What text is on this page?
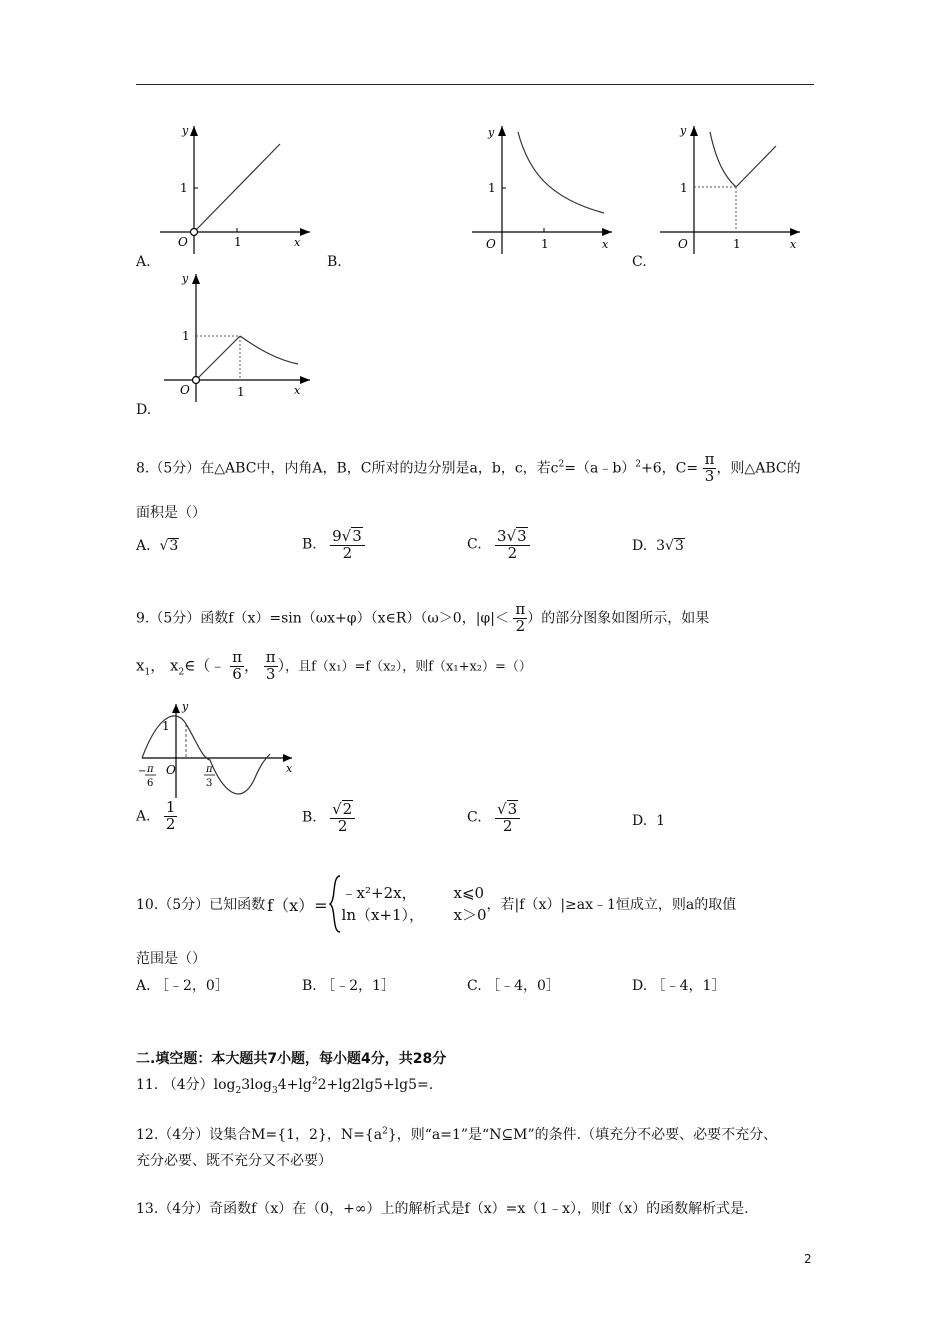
y
x
O	1
1
A.
y
x
O	1
1
B.
y
x
O	1
1
C.
y
x
O	1
1
D.
8.（5分）在△ABC中，内角A，B，C所对的边分别是a，b，c，若$c^2=(a﹣b)^2+6$，$C= \frac{\pi}{3}$ ，则△ABC的
面积是（）
A.  √3	B. $\frac{9√3}{2}$	C. $\frac{3√3}{2}$	D. 3√3
9.（5分）函数f（x）=sin（ωx+φ）（x∈R）（ω＞0，$|\varphi|< \frac{\pi}{2}$ ）的部分图象如图所示，如果
$x_1$， $x_2\in(﹣ \frac{\pi}{6}$ ， $\frac{\pi}{3}$ ），且f（x₁）=f（x₂），则f（x₁+x₂）=（）
1
y
x
O
− π
6
π
3
A. $\frac{1}{2}$	B. $\frac{√2}{2}$	C. $\frac{√3}{2}$	D. 1
10.（5分）已知函数 f（x）=
﹣x²+2x， x⩽0
ln（x+1）， x＞0
，若|f（x）|≥ax﹣1恒成立，则a的取值
范围是（）
A. ［﹣2，0］	B. ［﹣2，1］	C. ［﹣4，0］	D. ［﹣4，1］
二.填空题：本大题共7小题，每小题4分，共28分
11. （4分）$\log_23\log_34+\lg^22+\lg 2\lg 5+\lg 5=$.
12.（4分）设集合M={1，2}，$N=\{a^2\}$，则“a=1”是“N⊆M”的条件.（填充分不必要、必要不充分、
充分必要、既不充分又不必要）
13.（4分）奇函数f（x）在（0，+∞）上的解析式是f（x）=x（1﹣x），则f（x）的函数解析式是.
2
